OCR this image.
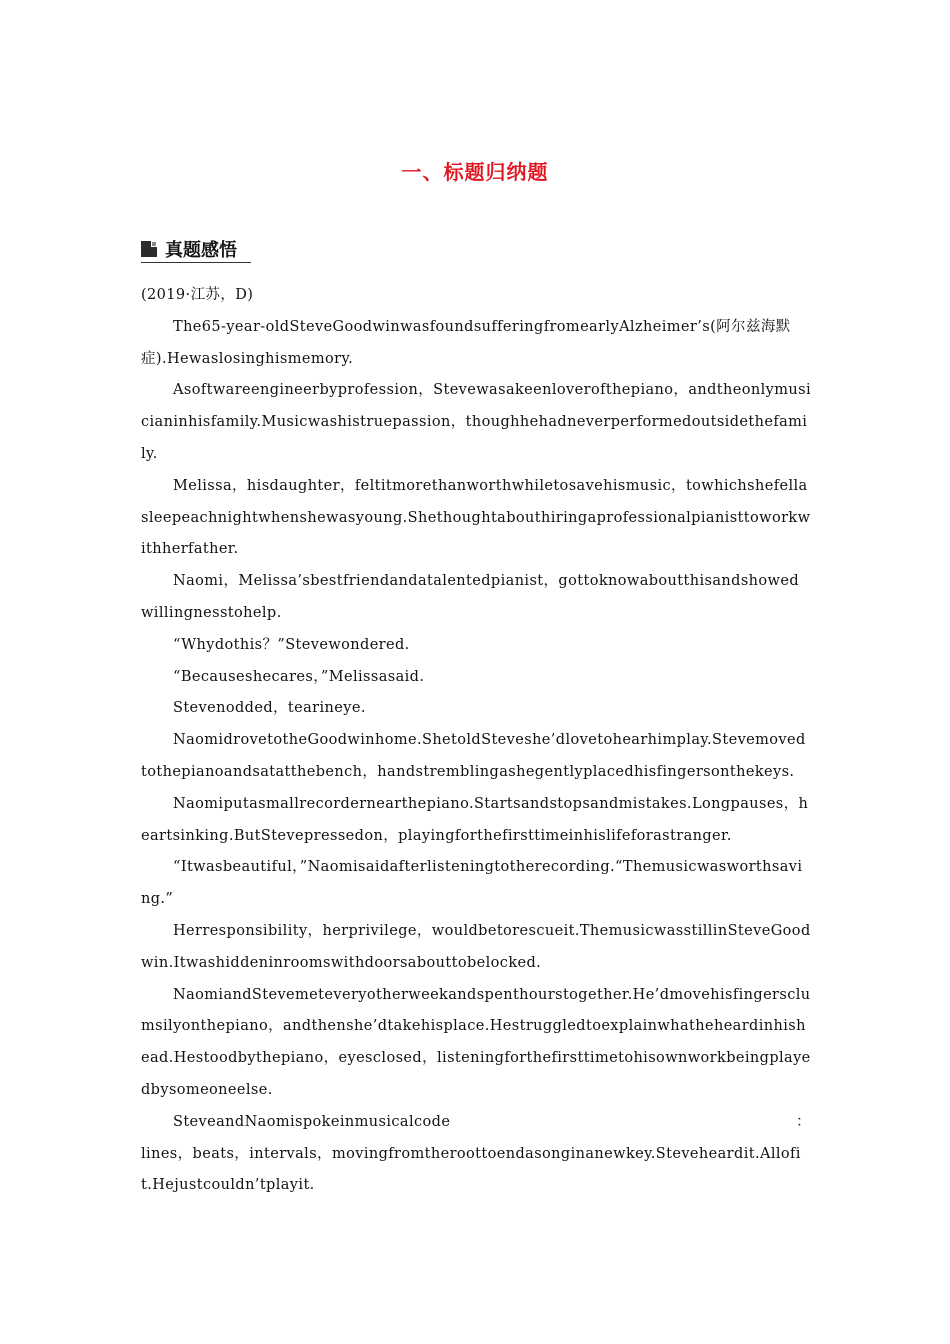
一、标题归纳题
真题感悟

(2019·江苏，D)

The65-year-oldSteveGoodwinwasfoundsufferingfromearlyAlzheimer’s(阿尔兹海默症).Hewaslosinghismemory.

Asoftwareengineerbyprofession，Stevewasakeenloverofthepiano，andtheonlymusicianinhisfamily.Musicwashistruepassion，thoughhehadneverperformedoutsidethefamily.

Melissa，hisdaughter，feltitmorethanworthwhiletosavehismusic，towhichshefellasleepeachnightwhenshewasyoung.Shethoughtabouthiringaprofessionalpianisttoworkwithherfather.

Naomi，Melissa’sbestfriendandatalentedpianist，gottoknowaboutthisandshowedwillingnesstohelp.

“Whydothis？”Stevewondered.

“Becauseshecares，”Melissasaid.

Stevenodded，tearineye.

NaomidrovetotheGoodwinhome.ShetoldSteveshe’dlovetohearhimplay.Stevemovedtothepianoandsatatthebench，handstremblingashegentlyplacedhisfingersonthekeys.

Naomiputasmallrecordernearthepiano.Startsandstopsandmistakes.Longpauses，heartsinking.ButStevepressedon，playingforthefirsttimeinhislifeforastranger.

“Itwasbeautiful，”Naomisaidafterlisteningtotherecording.“Themusicwasworthsaving.”

Herresponsibility，herprivilege，wouldbetorescueit.ThemusicwasstillinSteveGoodwin.Itwashiddeninroomswithdoorsabouttobelocked.

NaomiandStevemeteveryotherweekandspenthourstogether.He’dmovehisfingersclumsilyonthepiano，andthenshe’dtakehisplace.Hestruggledtoexplainwhatheheardinhishead.Hestoodbythepiano，eyesclosed，listeningforthefirsttimetohisownworkbeingplayedbysomeoneelse.

SteveandNaomispokeinmusicalcode	：

lines，beats，intervals，movingfromtheroottoendasonginanewkey.Steveheardit.Allofit.Hejustcouldn’tplayit.
